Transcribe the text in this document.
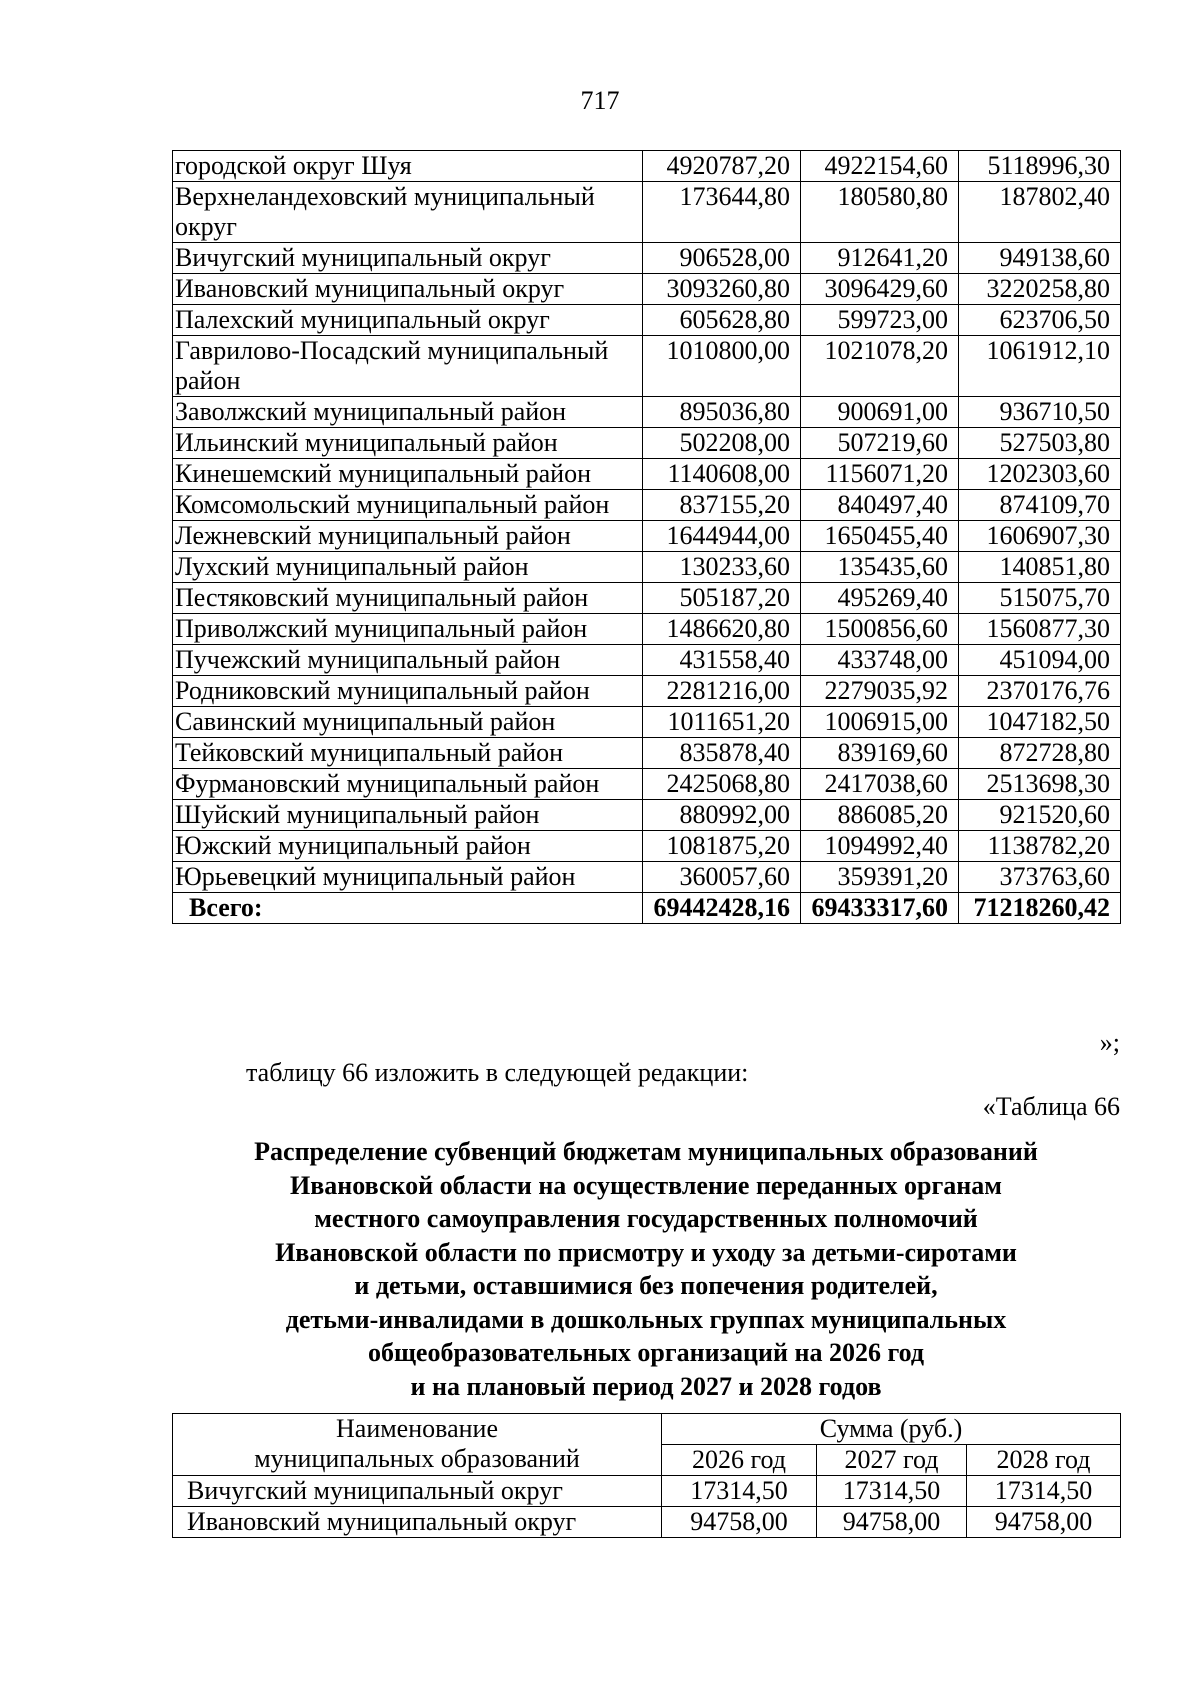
717
городской округ Шуя	4920787,20	4922154,60	5118996,30
Верхнеландеховский муниципальный округ	173644,80	180580,80	187802,40
Вичугский муниципальный округ	906528,00	912641,20	949138,60
Ивановский муниципальный округ	3093260,80	3096429,60	3220258,80
Палехский муниципальный округ	605628,80	599723,00	623706,50
Гаврилово-Посадский муниципальный район	1010800,00	1021078,20	1061912,10
Заволжский муниципальный район	895036,80	900691,00	936710,50
Ильинский муниципальный район	502208,00	507219,60	527503,80
Кинешемский муниципальный район	1140608,00	1156071,20	1202303,60
Комсомольский муниципальный район	837155,20	840497,40	874109,70
Лежневский муниципальный район	1644944,00	1650455,40	1606907,30
Лухский муниципальный район	130233,60	135435,60	140851,80
Пестяковский муниципальный район	505187,20	495269,40	515075,70
Приволжский муниципальный район	1486620,80	1500856,60	1560877,30
Пучежский муниципальный район	431558,40	433748,00	451094,00
Родниковский муниципальный район	2281216,00	2279035,92	2370176,76
Савинский муниципальный район	1011651,20	1006915,00	1047182,50
Тейковский муниципальный район	835878,40	839169,60	872728,80
Фурмановский муниципальный район	2425068,80	2417038,60	2513698,30
Шуйский муниципальный район	880992,00	886085,20	921520,60
Южский муниципальный район	1081875,20	1094992,40	1138782,20
Юрьевецкий муниципальный район	360057,60	359391,20	373763,60
Всего:	69442428,16	69433317,60	71218260,42
»;
таблицу 66 изложить в следующей редакции:
«Таблица 66
Распределение субвенций бюджетам муниципальных образований
Ивановской области на осуществление переданных органам
местного самоуправления государственных полномочий
Ивановской области по присмотру и уходу за детьми-сиротами
и детьми, оставшимися без попечения родителей,
детьми-инвалидами в дошкольных группах муниципальных
общеобразовательных организаций на 2026 год
и на плановый период 2027 и 2028 годов
Наименование
муниципальных образований	Сумма (руб.)		
	2026 год	2027 год	2028 год
Вичугский муниципальный округ	17314,50	17314,50	17314,50
Ивановский муниципальный округ	94758,00	94758,00	94758,00
